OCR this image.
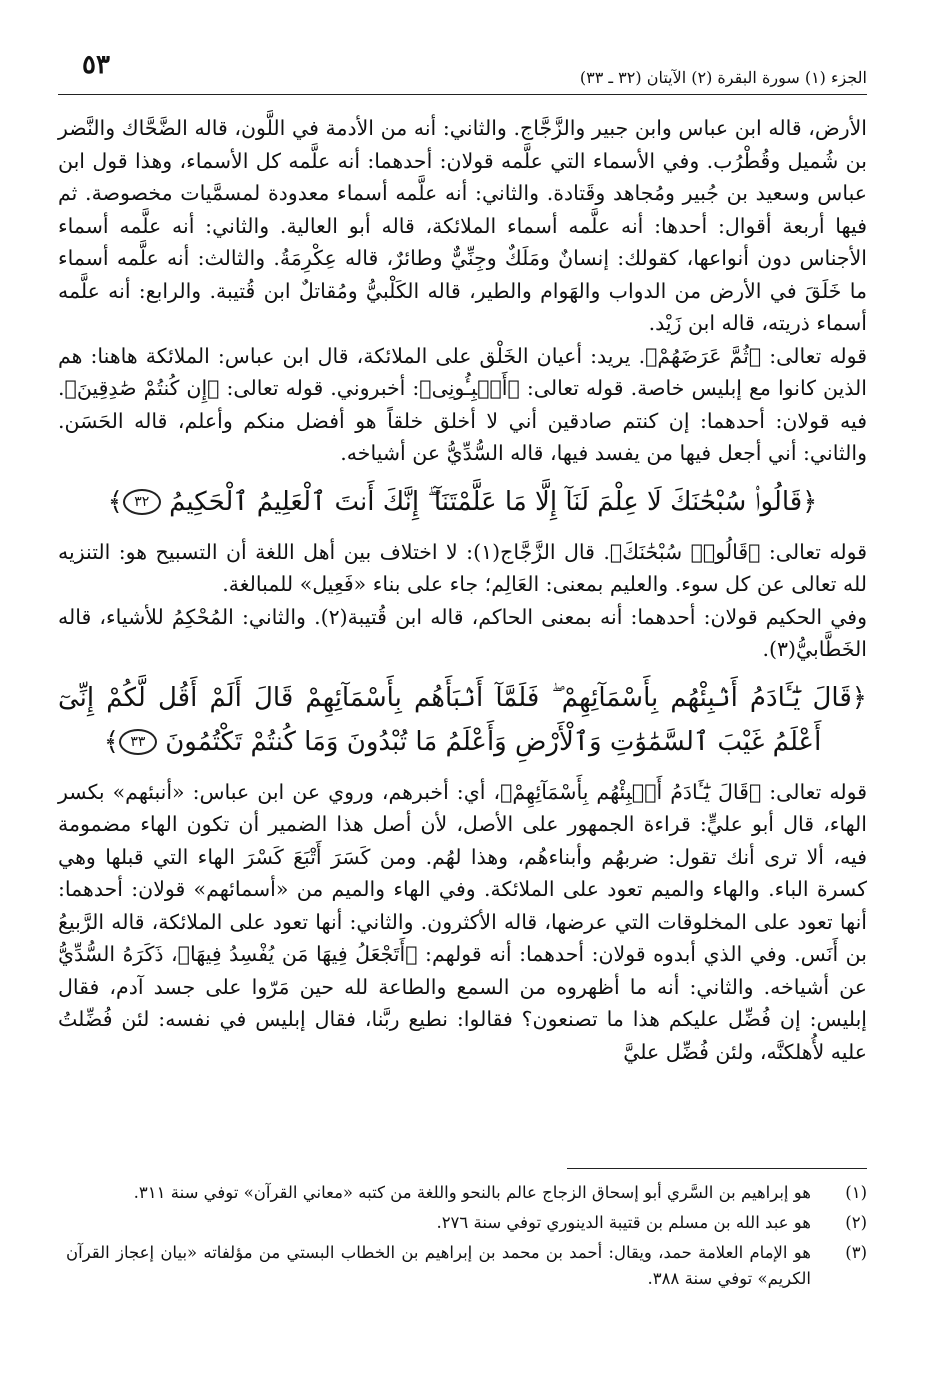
٥٣	الجزء (١) سورة البقرة (٢) الآيتان (٣٢ ـ ٣٣)

الأرض، قاله ابن عباس وابن جبير والزَّجَّاج. والثاني: أنه من الأدمة في اللَّون، قاله الضَّحَّاك والنَّضر بن شُميل وقُطْرُب. وفي الأسماء التي علَّمه قولان: أحدهما: أنه علَّمه كل الأسماء، وهذا قول ابن عباس وسعيد بن جُبير ومُجاهد وقَتادة. والثاني: أنه علَّمه أسماء معدودة لمسمَّيات مخصوصة. ثم فيها أربعة أقوال: أحدها: أنه علَّمه أسماء الملائكة، قاله أبو العالية. والثاني: أنه علَّمه أسماء الأجناس دون أنواعها، كقولك: إنسانٌ ومَلَكٌ وجِنِّيٌّ وطائرٌ، قاله عِكْرِمَةُ. والثالث: أنه علَّمه أسماء ما خَلَقَ في الأرض من الدواب والهَوام والطير، قاله الكَلْبيُّ ومُقاتلٌ ابن قُتيبة. والرابع: أنه علَّمه أسماء ذريته، قاله ابن زَيْد.

قوله تعالى: ﴿ثُمَّ عَرَضَهُمْ﴾. يريد: أعيان الخَلْق على الملائكة، قال ابن عباس: الملائكة هاهنا: هم الذين كانوا مع إبليس خاصة. قوله تعالى: ﴿أَنۢبِـُٔونِى﴾: أخبروني. قوله تعالى: ﴿إِن كُنتُمْ صَٰدِقِينَ﴾. فيه قولان: أحدهما: إن كنتم صادقين أني لا أخلق خلقاً هو أفضل منكم وأعلم، قاله الحَسَن. والثاني: أني أجعل فيها من يفسد فيها، قاله السُّدِّيُّ عن أشياخه.

﴿قَالُوا۟ سُبْحَٰنَكَ لَا عِلْمَ لَنَآ إِلَّا مَا عَلَّمْتَنَآ ۖ إِنَّكَ أَنتَ ٱلْعَلِيمُ ٱلْحَكِيمُ ٣٢﴾

قوله تعالى: ﴿قَالُوا۟ سُبْحَٰنَكَ﴾. قال الزَّجَّاج(١): لا اختلاف بين أهل اللغة أن التسبيح هو: التنزيه لله تعالى عن كل سوء. والعليم بمعنى: العَالِم؛ جاء على بناء «فَعِيل» للمبالغة.

وفي الحكيم قولان: أحدهما: أنه بمعنى الحاكم، قاله ابن قُتيبة(٢). والثاني: المُحْكِمُ للأشياء، قاله الخَطَّابيُّ(٣).

﴿قَالَ يَٰٓـَٔادَمُ أَنۢبِئْهُم بِأَسْمَآئِهِمْ ۖ فَلَمَّآ أَنۢبَأَهُم بِأَسْمَآئِهِمْ قَالَ أَلَمْ أَقُل لَّكُمْ إِنِّىٓ أَعْلَمُ غَيْبَ ٱلسَّمَٰوَٰتِ وَٱلْأَرْضِ وَأَعْلَمُ مَا تُبْدُونَ وَمَا كُنتُمْ تَكْتُمُونَ ٣٣﴾

قوله تعالى: ﴿قَالَ يَٰٓـَٔادَمُ أَنۢبِئْهُم بِأَسْمَآئِهِمْ﴾، أي: أخبرهم، وروي عن ابن عباس: «أنبئهم» بكسر الهاء، قال أبو عليٍّ: قراءة الجمهور على الأصل، لأن أصل هذا الضمير أن تكون الهاء مضمومة فيه، ألا ترى أنك تقول: ضربهُم وأبناءهُم، وهذا لهُم. ومن كَسَرَ أَتْبَعَ كَسْرَ الهاء التي قبلها وهي كسرة الباء. والهاء والميم تعود على الملائكة. وفي الهاء والميم من «أسمائهم» قولان: أحدهما: أنها تعود على المخلوقات التي عرضها، قاله الأكثرون. والثاني: أنها تعود على الملائكة، قاله الرَّبيعُ بن أَنَس. وفي الذي أبدوه قولان: أحدهما: أنه قولهم: ﴿أَتَجْعَلُ فِيهَا مَن يُفْسِدُ فِيهَا﴾، ذَكَرَهُ السُّدِّيُّ عن أشياخه. والثاني: أنه ما أظهروه من السمع والطاعة لله حين مَرّوا على جسد آدم، فقال إبليس: إن فُضِّل عليكم هذا ما تصنعون؟ فقالوا: نطيع ربَّنا، فقال إبليس في نفسه: لئن فُضِّلتُ عليه لأُهلكنَّه، ولئن فُضِّل عليَّ

(١)
هو إبراهيم بن السَّري أبو إسحاق الزجاج عالم بالنحو واللغة من كتبه «معاني القرآن» توفي سنة ٣١١.
(٢)
هو عبد الله بن مسلم بن قتيبة الدينوري توفي سنة ٢٧٦.
(٣)
هو الإمام العلامة حمد، ويقال: أحمد بن محمد بن إبراهيم بن الخطاب البستي من مؤلفاته «بيان إعجاز القرآن الكريم» توفي سنة ٣٨٨.
